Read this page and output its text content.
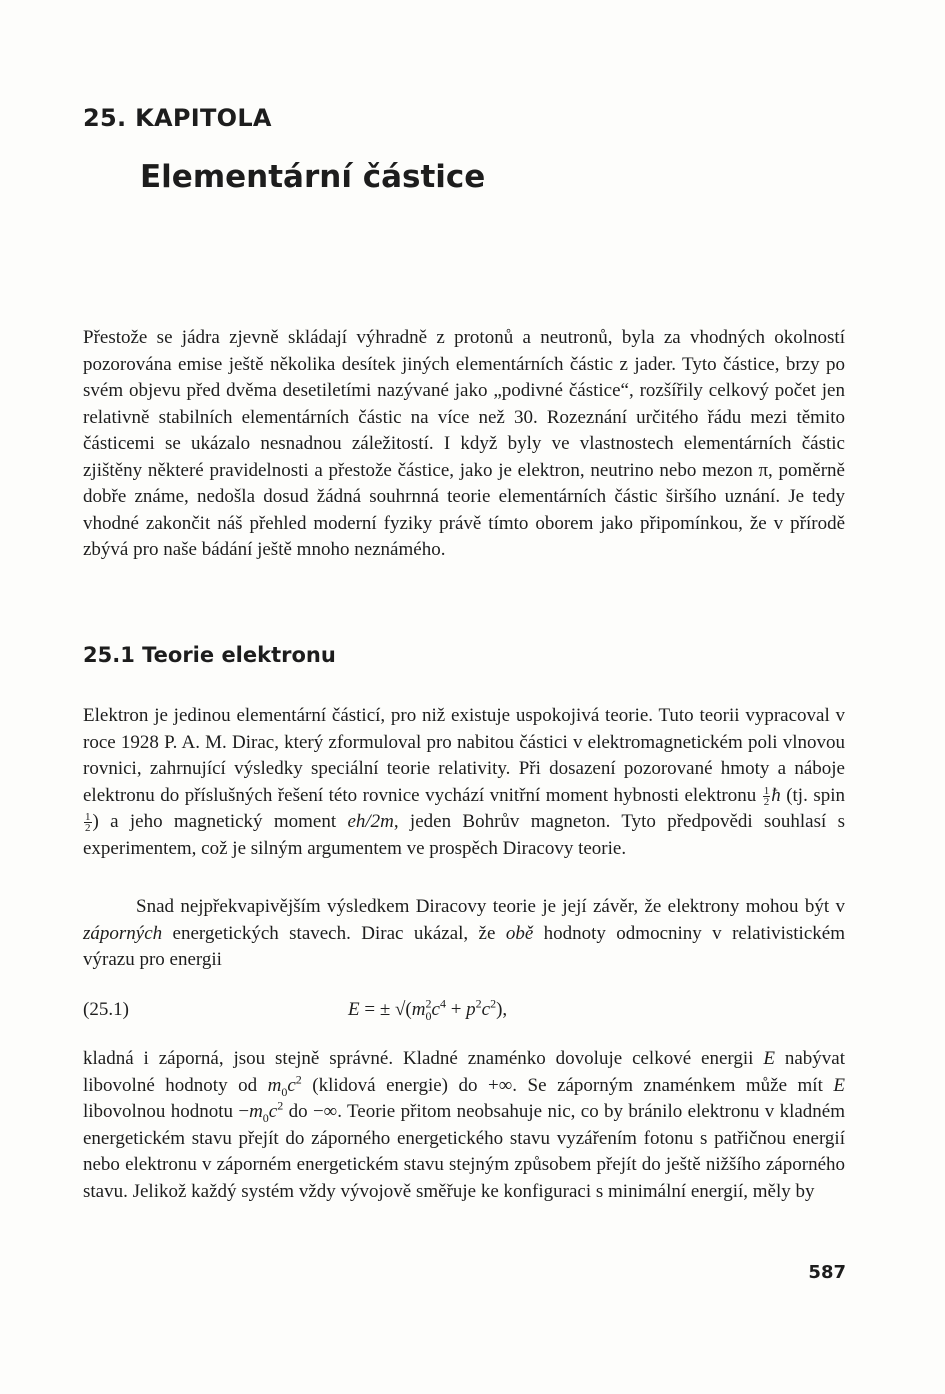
25. KAPITOLA
Elementární částice

Přestože se jádra zjevně skládají výhradně z protonů a neutronů, byla za vhodných okolností pozorována emise ještě několika desítek jiných elementárních částic z jader. Tyto částice, brzy po svém objevu před dvěma desetiletími nazývané jako „podivné částice“, rozšířily celkový počet jen relativně stabilních elementárních částic na více než 30. Rozeznání určitého řádu mezi těmito částicemi se ukázalo nesnadnou záležitostí. I když byly ve vlastnostech elementárních částic zjištěny některé pravidelnosti a přestože částice, jako je elektron, neutrino nebo mezon π, poměrně dobře známe, nedošla dosud žádná souhrnná teorie elementárních částic širšího uznání. Je tedy vhodné zakončit náš přehled moderní fyziky právě tímto oborem jako připomínkou, že v přírodě zbývá pro naše bádání ještě mnoho neznámého.

25.1 Teorie elektronu

Elektron je jedinou elementární částicí, pro niž existuje uspokojivá teorie. Tuto teorii vypracoval v roce 1928 P. A. M. Dirac, který zformuloval pro nabitou částici v elektromagnetickém poli vlnovou rovnici, zahrnující výsledky speciální teorie relativity. Při dosazení pozorované hmoty a náboje elektronu do příslušných řešení této rovnice vychází vnitřní moment hybnosti elektronu $\frac{1}{2}$ ħ (tj. spin
$\frac{1}{2}$ ) a jeho magnetický moment eh/2m, jeden Bohrův magneton. Tyto předpovědi souhlasí s experimentem, což je silným argumentem ve prospěch Diracovy teorie.

Snad nejpřekvapivějším výsledkem Diracovy teorie je její závěr, že elektrony mohou být v záporných energetických stavech. Dirac ukázal, že obě hodnoty odmocniny v relativistickém výrazu pro energii

(25.1)	E = ± $√(m^2_0c^4 + p^2c^2)$,

kladná i záporná, jsou stejně správné. Kladné znaménko dovoluje celkové energii E nabývat libovolné hodnoty od $m_0c^2$ (klidová energie) do +∞. Se záporným znaménkem může mít E libovolnou hodnotu $-m_0c^2$ do −∞. Teorie přitom neobsahuje nic, co by bránilo elektronu v kladném energetickém stavu přejít do záporného energetického stavu vyzářením fotonu s patřičnou energií nebo elektronu v záporném energetickém stavu stejným způsobem přejít do ještě nižšího záporného stavu. Jelikož každý systém vždy vývojově směřuje ke konfiguraci s minimální energií, měly by

587
